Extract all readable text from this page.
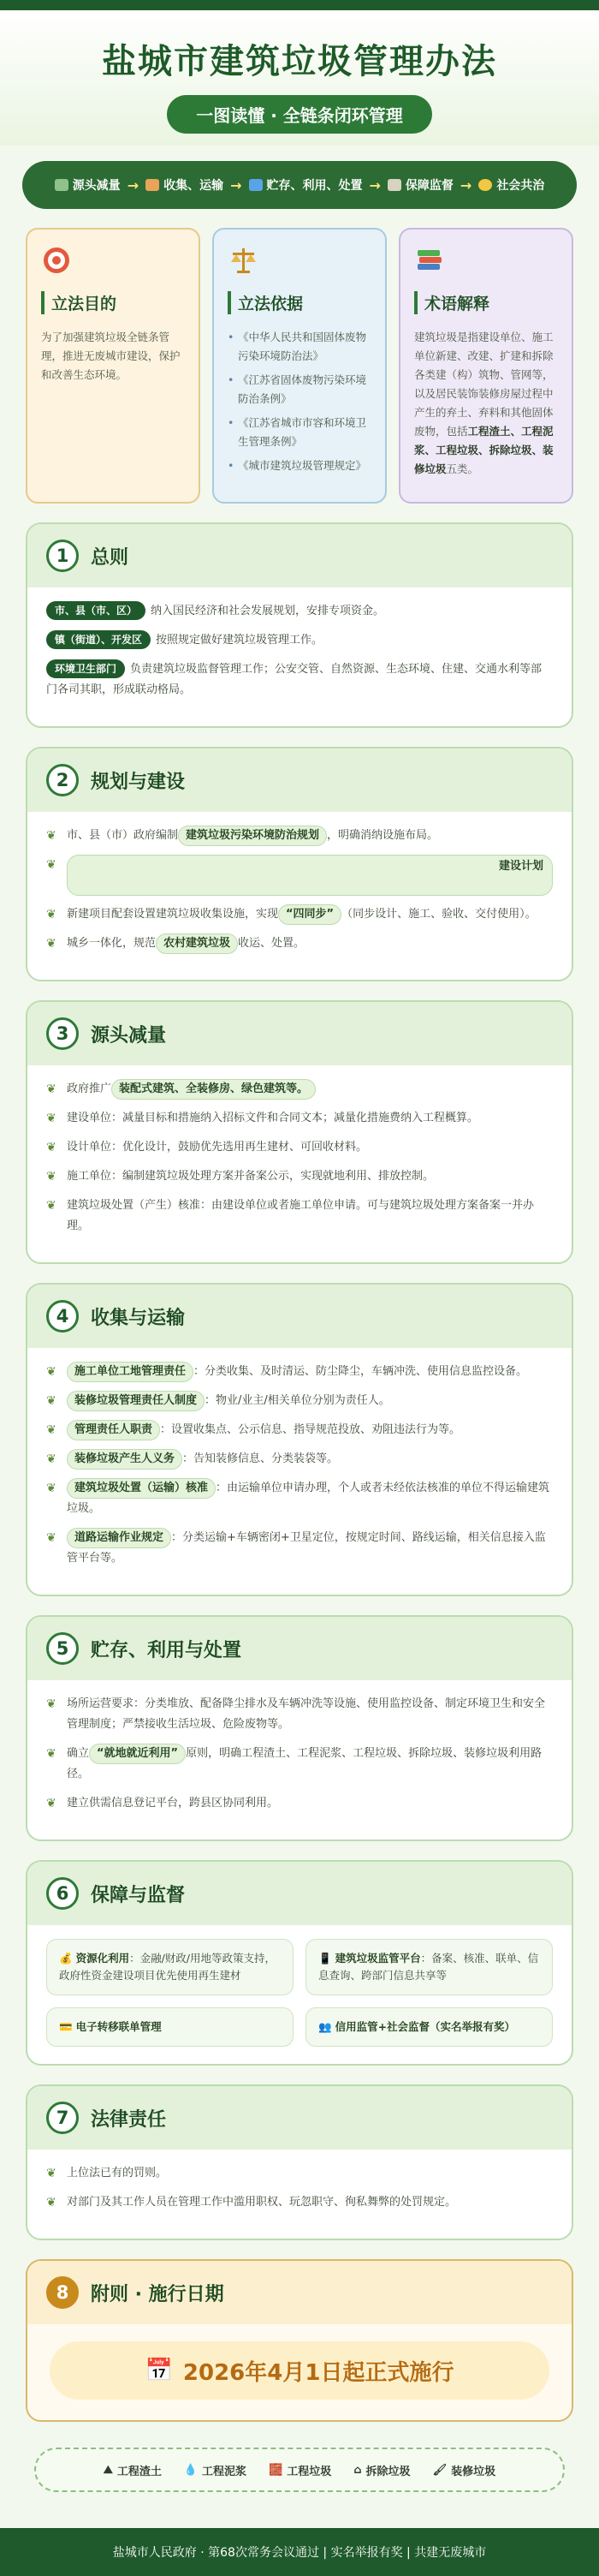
盐城市建筑垃圾管理办法
一图读懂 · 全链条闭环管理
源头减量 → 收集、运输 → 贮存、利用、处置 → 保障监督 → 社会共治
立法目的

为了加强建筑垃圾全链条管理，推进无废城市建设，保护和改善生态环境。

立法依据
• 《中华人民共和国固体废物污染环境防治法》
• 《江苏省固体废物污染环境防治条例》
• 《江苏省城市市容和环境卫生管理条例》
• 《城市建筑垃圾管理规定》
术语解释

建筑垃圾是指建设单位、施工单位新建、改建、扩建和拆除各类建（构）筑物、管网等，以及居民装饰装修房屋过程中产生的弃土、弃料和其他固体废物，包括工程渣土、工程泥浆、工程垃圾、拆除垃圾、装修垃圾五类。

1	总则
市、县（市、区） 纳入国民经济和社会发展规划，安排专项资金。
镇（街道）、开发区 按照规定做好建筑垃圾管理工作。
环境卫生部门 负责建筑垃圾监督管理工作；公安交管、自然资源、生态环境、住建、交通水利等部门各司其职，形成联动格局。
2	规划与建设
❦ 市、县（市）政府编制 建筑垃圾污染环境防治规划 ，明确消纳设施布局。
❦	建设计划
❦ 新建项目配套设置建筑垃圾收集设施，实现 “四同步” （同步设计、施工、验收、交付使用）。
❦ 城乡一体化，规范 农村建筑垃圾 收运、处置。
3	源头减量
❦ 政府推广 装配式建筑、全装修房、绿色建筑等。
❦ 建设单位：减量目标和措施纳入招标文件和合同文本；减量化措施费纳入工程概算。
❦ 设计单位：优化设计，鼓励优先选用再生建材、可回收材料。
❦ 施工单位：编制建筑垃圾处理方案并备案公示，实现就地利用、排放控制。
❦ 建筑垃圾处置（产生）核准：由建设单位或者施工单位申请。可与建筑垃圾处理方案备案一并办理。
4	收集与运输
❦	施工单位工地管理责任 ：分类收集、及时清运、防尘降尘，车辆冲洗、使用信息监控设备。
❦	装修垃圾管理责任人制度 ：物业/业主/相关单位分别为责任人。
❦	管理责任人职责 ：设置收集点、公示信息、指导规范投放、劝阻违法行为等。
❦	装修垃圾产生人义务 ：告知装修信息、分类装袋等。
❦	建筑垃圾处置（运输）核准 ：由运输单位申请办理，个人或者未经依法核准的单位不得运输建筑垃圾。
❦	道路运输作业规定 ：分类运输+车辆密闭+卫星定位，按规定时间、路线运输，相关信息接入监管平台等。
5	贮存、利用与处置
❦ 场所运营要求：分类堆放、配备降尘排水及车辆冲洗等设施、使用监控设备、制定环境卫生和安全管理制度；严禁接收生活垃圾、危险废物等。
❦ 确立 “就地就近利用” 原则，明确工程渣土、工程泥浆、工程垃圾、拆除垃圾、装修垃圾利用路径。
❦ 建立供需信息登记平台，跨县区协同利用。
6	保障与监督
💰 资源化利用：金融/财政/用地等政策支持，政府性资金建设项目优先使用再生建材
📱 建筑垃圾监管平台：备案、核准、联单、信息查询、跨部门信息共享等
💳 电子转移联单管理	👥 信用监管+社会监督（实名举报有奖）
7	法律责任
❦ 上位法已有的罚则。
❦ 对部门及其工作人员在管理工作中滥用职权、玩忽职守、徇私舞弊的处罚规定。
8	附则 · 施行日期
📅 2026年4月1日起正式施行
⛰ 工程渣土 💧 工程泥浆 🧱 工程垃圾 ⌂ 拆除垃圾 🖌 装修垃圾
盐城市人民政府 · 第68次常务会议通过 | 实名举报有奖 | 共建无废城市
